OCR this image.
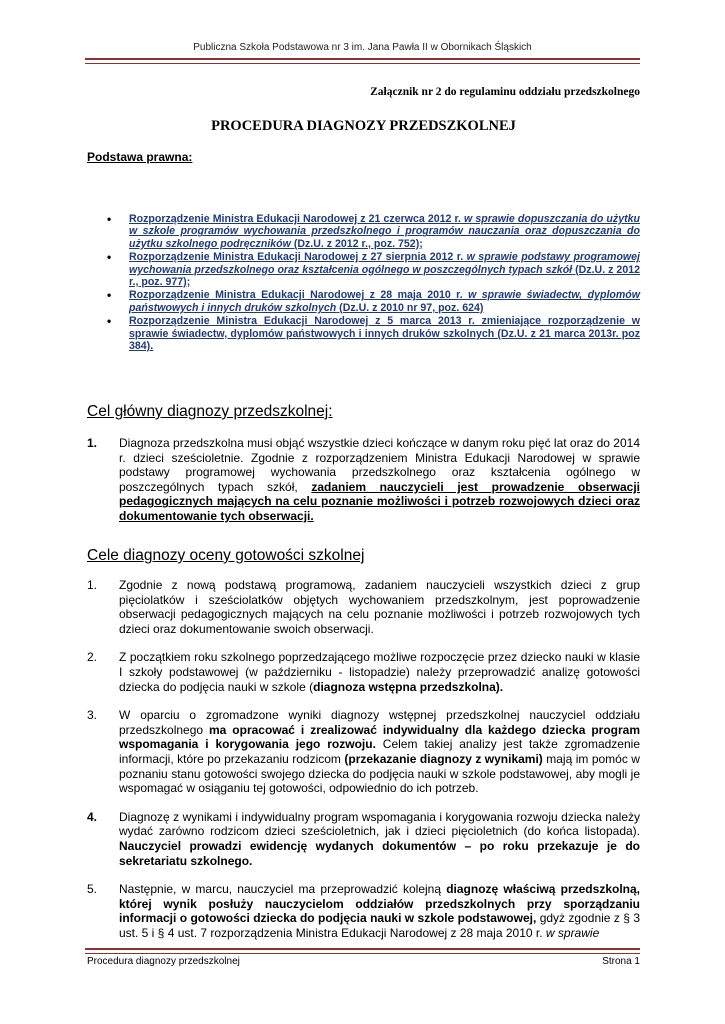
Publiczna Szkoła Podstawowa nr 3 im. Jana Pawła II w Obornikach Śląskich
Załącznik nr 2 do regulaminu oddziału przedszkolnego
PROCEDURA DIAGNOZY PRZEDSZKOLNEJ
Podstawa prawna:
• Rozporządzenie Ministra Edukacji Narodowej z 21 czerwca 2012 r. w sprawie dopuszczania do użytku w szkole programów wychowania przedszkolnego i programów nauczania oraz dopuszczania do użytku szkolnego podręczników (Dz.U. z 2012 r., poz. 752);
• Rozporządzenie Ministra Edukacji Narodowej z 27 sierpnia 2012 r. w sprawie podstawy programowej wychowania przedszkolnego oraz kształcenia ogólnego w poszczególnych typach szkół (Dz.U. z 2012 r., poz. 977);
• Rozporządzenie Ministra Edukacji Narodowej z 28 maja 2010 r. w sprawie świadectw, dyplomów państwowych i innych druków szkolnych (Dz.U. z 2010 nr 97, poz. 624)
• Rozporządzenie Ministra Edukacji Narodowej z 5 marca 2013 r. zmieniające rozporządzenie w sprawie świadectw, dyplomów państwowych i innych druków szkolnych (Dz.U. z 21 marca 2013r. poz 384).
Cel główny diagnozy przedszkolnej:
1. Diagnoza przedszkolna musi objąć wszystkie dzieci kończące w danym roku pięć lat oraz do 2014 r. dzieci sześcioletnie. Zgodnie z rozporządzeniem Ministra Edukacji Narodowej w sprawie podstawy programowej wychowania przedszkolnego oraz kształcenia ogólnego w poszczególnych typach szkół, zadaniem nauczycieli jest prowadzenie obserwacji pedagogicznych mających na celu poznanie możliwości i potrzeb rozwojowych dzieci oraz dokumentowanie tych obserwacji.
Cele diagnozy oceny gotowości szkolnej
1. Zgodnie z nową podstawą programową, zadaniem nauczycieli wszystkich dzieci z grup pięciolatków i sześciolatków objętych wychowaniem przedszkolnym, jest poprowadzenie obserwacji pedagogicznych mających na celu poznanie możliwości i potrzeb rozwojowych tych dzieci oraz dokumentowanie swoich obserwacji.
2. Z początkiem roku szkolnego poprzedzającego możliwe rozpoczęcie przez dziecko nauki w klasie I szkoły podstawowej (w październiku - listopadzie) należy przeprowadzić analizę gotowości dziecka do podjęcia nauki w szkole (diagnoza wstępna przedszkolna).
3. W oparciu o zgromadzone wyniki diagnozy wstępnej przedszkolnej nauczyciel oddziału przedszkolnego ma opracować i zrealizować indywidualny dla każdego dziecka program wspomagania i korygowania jego rozwoju. Celem takiej analizy jest także zgromadzenie informacji, które po przekazaniu rodzicom (przekazanie diagnozy z wynikami) mają im pomóc w poznaniu stanu gotowości swojego dziecka do podjęcia nauki w szkole podstawowej, aby mogli je wspomagać w osiąganiu tej gotowości, odpowiednio do ich potrzeb.
4. Diagnozę z wynikami i indywidualny program wspomagania i korygowania rozwoju dziecka należy wydać zarówno rodzicom dzieci sześcioletnich, jak i dzieci pięcioletnich (do końca listopada). Nauczyciel prowadzi ewidencję wydanych dokumentów – po roku przekazuje je do sekretariatu szkolnego.
5. Następnie, w marcu, nauczyciel ma przeprowadzić kolejną diagnozę właściwą przedszkolną, której wynik posłuży nauczycielom oddziałów przedszkolnych przy sporządzaniu informacji o gotowości dziecka do podjęcia nauki w szkole podstawowej, gdyż zgodnie z § 3 ust. 5 i § 4 ust. 7 rozporządzenia Ministra Edukacji Narodowej z 28 maja 2010 r. w sprawie
Procedura diagnozy przedszkolnej	Strona 1
